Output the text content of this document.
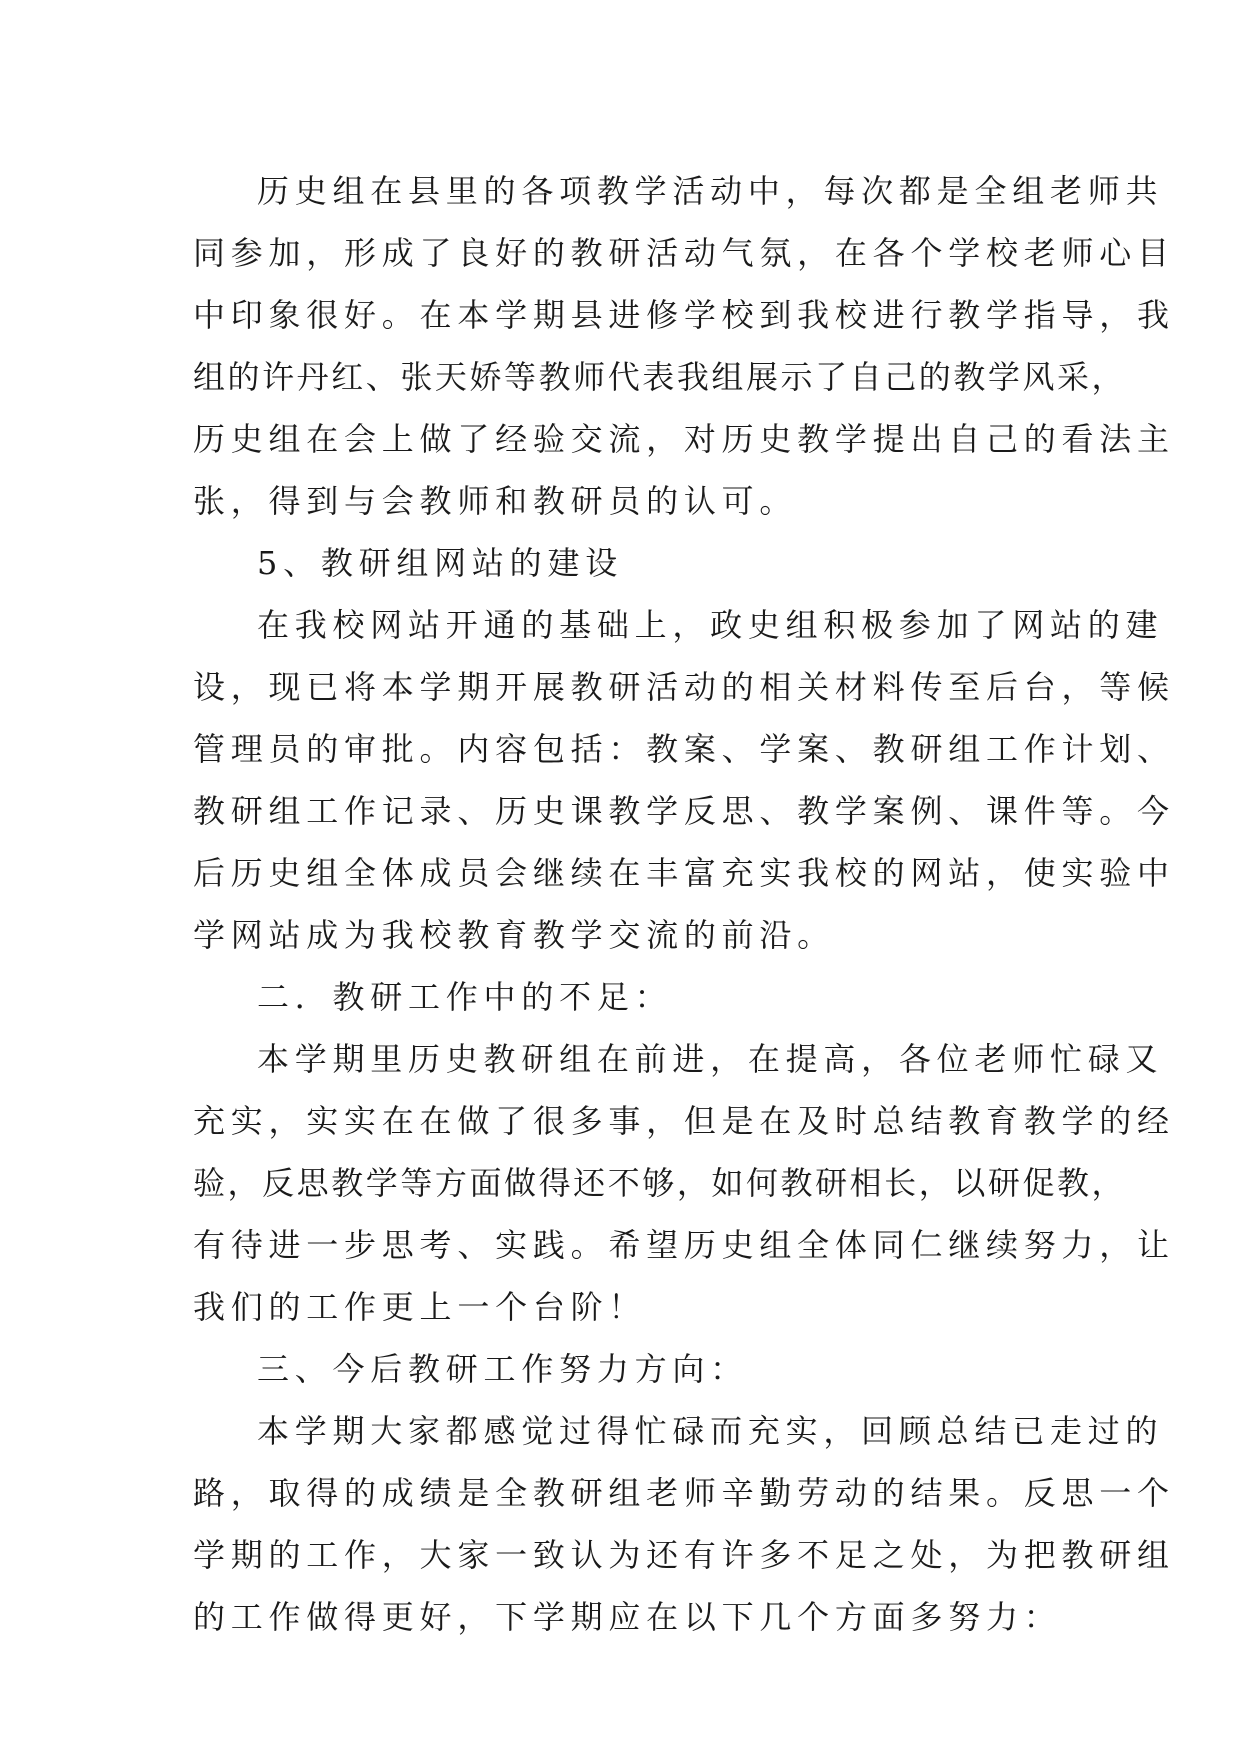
历史组在县里的各项教学活动中，每次都是全组老师共
同参加，形成了良好的教研活动气氛，在各个学校老师心目
中印象很好。在本学期县进修学校到我校进行教学指导，我
组的许丹红、张天娇等教师代表我组展示了自己的教学风采，
历史组在会上做了经验交流，对历史教学提出自己的看法主
张，得到与会教师和教研员的认可。
5、教研组网站的建设
在我校网站开通的基础上，政史组积极参加了网站的建
设，现已将本学期开展教研活动的相关材料传至后台，等候
管理员的审批。内容包括：教案、学案、教研组工作计划、
教研组工作记录、历史课教学反思、教学案例、课件等。今
后历史组全体成员会继续在丰富充实我校的网站，使实验中
学网站成为我校教育教学交流的前沿。
二．教研工作中的不足：
本学期里历史教研组在前进，在提高，各位老师忙碌又
充实，实实在在做了很多事，但是在及时总结教育教学的经
验，反思教学等方面做得还不够，如何教研相长，以研促教，
有待进一步思考、实践。希望历史组全体同仁继续努力，让
我们的工作更上一个台阶！
三、今后教研工作努力方向：
本学期大家都感觉过得忙碌而充实，回顾总结已走过的
路，取得的成绩是全教研组老师辛勤劳动的结果。反思一个
学期的工作，大家一致认为还有许多不足之处，为把教研组
的工作做得更好，下学期应在以下几个方面多努力：
